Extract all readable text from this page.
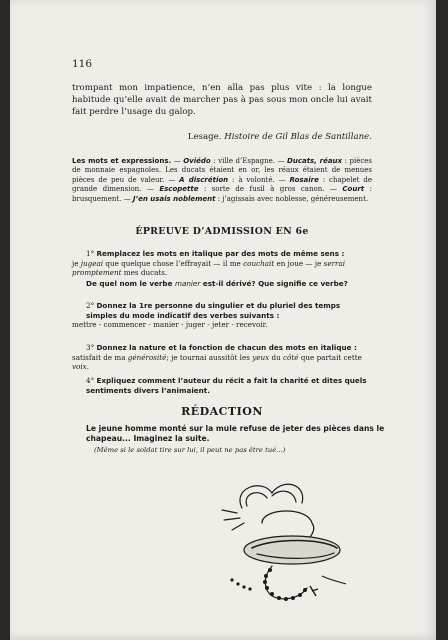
116
trompant mon impatience, n’en alla pas plus vite : la longue habitude qu’elle avait de marcher pas à pas sous mon oncle lui avait fait perdre l’usage du galop.
Lesage. Histoire de Gil Blas de Santillane.
Les mots et expressions. — Oviédo : ville d’Espagne. — Ducats, réaux : pièces de monnaie espagnoles. Les ducats étaient en or, les réaux étaient de menues pièces de peu de valeur. — A discrétion : à volonté. — Rosaire : chapelet de grande dimension. — Escopette : sorte de fusil à gros canon. — Court : brusquement. — J’en usais noblement : j’agissais avec noblesse, généreusement.
ÉPREUVE D’ADMISSION EN 6e
1° Remplacez les mots en italique par des mots de même sens :
je jugeai que quelque chose l’effrayait — il me couchait en joue — je serrai promptement mes ducats.
De quel nom le verbe manier est-il dérivé? Que signifie ce verbe?
2° Donnez la 1re personne du singulier et du pluriel des temps simples du mode indicatif des verbes suivants :
mettre - commencer - manier - juger - jeter - recevoir.
3° Donnez la nature et la fonction de chacun des mots en italique :
satisfait de ma générosité; je tournai aussitôt les yeux du côté que partait cette voix.
4° Expliquez comment l’auteur du récit a fait la charité et dites quels sentiments divers l’animaient.
RÉDACTION
Le jeune homme monté sur la mule refuse de jeter des pièces dans le chapeau... Imaginez la suite.
(Même si le soldat tire sur lui, il peut ne pas être tué...)
